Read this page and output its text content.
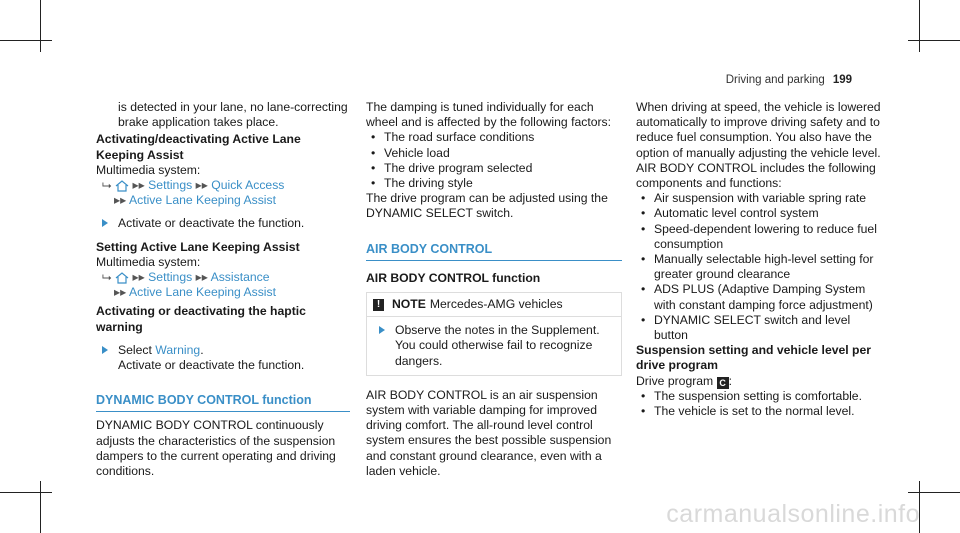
Driving and parking 199

is detected in your lane, no lane-correcting brake application takes place.

Activating/deactivating Active Lane Keeping Assist

Multimedia system:

⮡ ▸▸ Settings ▸▸ Quick Access
▸▸ Active Lane Keeping Assist
Activate or deactivate the function.

Setting Active Lane Keeping Assist

Multimedia system:

⮡ ▸▸ Settings ▸▸ Assistance
▸▸ Active Lane Keeping Assist

Activating or deactivating the haptic warning

Select Warning.
Activate or deactivate the function.
DYNAMIC BODY CONTROL function

DYNAMIC BODY CONTROL continuously adjusts the characteristics of the suspension dampers to the current operating and driving conditions.

The damping is tuned individually for each wheel and is affected by the following factors:

• The road surface conditions
• Vehicle load
• The drive program selected
• The driving style

The drive program can be adjusted using the DYNAMIC SELECT switch.

AIR BODY CONTROL

AIR BODY CONTROL function

! NOTE Mercedes-AMG vehicles
Observe the notes in the Supplement. You could otherwise fail to recognize dangers.

AIR BODY CONTROL is an air suspension system with variable damping for improved driving comfort. The all-round level control system ensures the best possible suspension and constant ground clearance, even with a laden vehicle.

When driving at speed, the vehicle is lowered automatically to improve driving safety and to reduce fuel consumption. You also have the option of manually adjusting the vehicle level.

AIR BODY CONTROL includes the following components and functions:

• Air suspension with variable spring rate
• Automatic level control system
• Speed-dependent lowering to reduce fuel consumption
• Manually selectable high-level setting for greater ground clearance
• ADS PLUS (Adaptive Damping System with constant damping force adjustment)
• DYNAMIC SELECT switch and level button

Suspension setting and vehicle level per drive program

Drive program C :

• The suspension setting is comfortable.
• The vehicle is set to the normal level.
carmanualsonline.info
